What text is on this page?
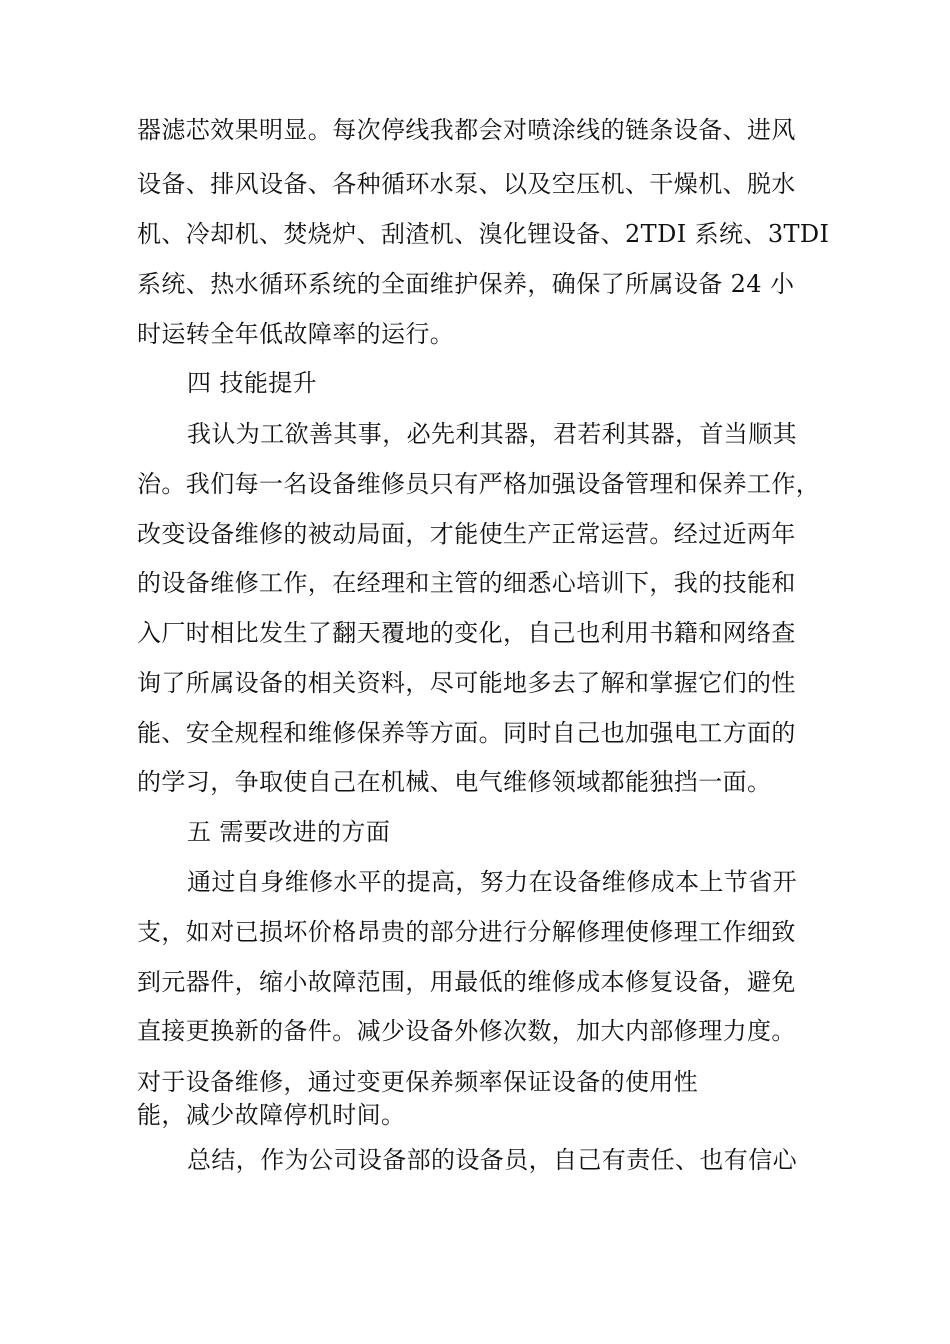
器滤芯效果明显。每次停线我都会对喷涂线的链条设备、进风

设备、排风设备、各种循环水泵、以及空压机、干燥机、脱水

机、冷却机、焚烧炉、刮渣机、溴化锂设备、2TDI 系统、3TDI

系统、热水循环系统的全面维护保养，确保了所属设备 24 小

时运转全年低故障率的运行。

四 技能提升

我认为工欲善其事，必先利其器，君若利其器，首当顺其

治。我们每一名设备维修员只有严格加强设备管理和保养工作，

改变设备维修的被动局面，才能使生产正常运营。经过近两年

的设备维修工作，在经理和主管的细悉心培训下，我的技能和

入厂时相比发生了翻天覆地的变化，自己也利用书籍和网络查

询了所属设备的相关资料，尽可能地多去了解和掌握它们的性

能、安全规程和维修保养等方面。同时自己也加强电工方面的

的学习，争取使自己在机械、电气维修领域都能独挡一面。

五 需要改进的方面

通过自身维修水平的提高，努力在设备维修成本上节省开

支，如对已损坏价格昂贵的部分进行分解修理使修理工作细致

到元器件，缩小故障范围，用最低的维修成本修复设备，避免

直接更换新的备件。减少设备外修次数，加大内部修理力度。

对于设备维修，通过变更保养频率保证设备的使用性

能，减少故障停机时间。

总结，作为公司设备部的设备员，自己有责任、也有信心
